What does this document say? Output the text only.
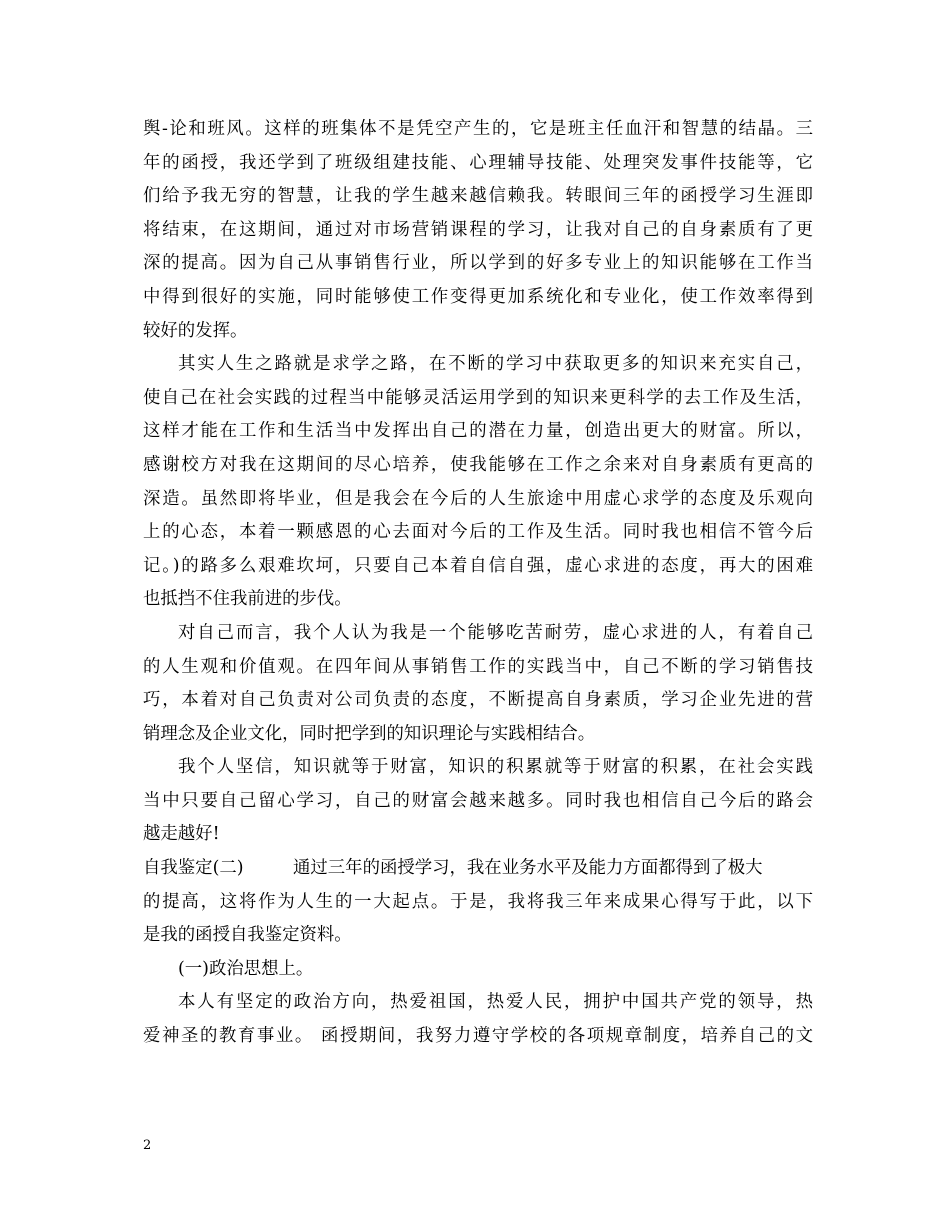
舆-论和班风。这样的班集体不是凭空产生的，它是班主任血汗和智慧的结晶。三
年的函授，我还学到了班级组建技能、心理辅导技能、处理突发事件技能等，它
们给予我无穷的智慧，让我的学生越来越信赖我。转眼间三年的函授学习生涯即
将结束，在这期间，通过对市场营销课程的学习，让我对自己的自身素质有了更
深的提高。因为自己从事销售行业，所以学到的好多专业上的知识能够在工作当
中得到很好的实施，同时能够使工作变得更加系统化和专业化，使工作效率得到
较好的发挥。
其实人生之路就是求学之路，在不断的学习中获取更多的知识来充实自己，
使自己在社会实践的过程当中能够灵活运用学到的知识来更科学的去工作及生活，
这样才能在工作和生活当中发挥出自己的潜在力量，创造出更大的财富。所以，
感谢校方对我在这期间的尽心培养，使我能够在工作之余来对自身素质有更高的
深造。虽然即将毕业，但是我会在今后的人生旅途中用虚心求学的态度及乐观向
上的心态，本着一颗感恩的心去面对今后的工作及生活。同时我也相信不管今后
记。)的路多么艰难坎坷，只要自己本着自信自强，虚心求进的态度，再大的困难
也抵挡不住我前进的步伐。
对自己而言，我个人认为我是一个能够吃苦耐劳，虚心求进的人，有着自己
的人生观和价值观。在四年间从事销售工作的实践当中，自己不断的学习销售技
巧，本着对自己负责对公司负责的态度，不断提高自身素质，学习企业先进的营
销理念及企业文化，同时把学到的知识理论与实践相结合。
我个人坚信，知识就等于财富，知识的积累就等于财富的积累，在社会实践
当中只要自己留心学习，自己的财富会越来越多。同时我也相信自己今后的路会
越走越好!
自我鉴定(二)	通过三年的函授学习，我在业务水平及能力方面都得到了极大
的提高，这将作为人生的一大起点。于是，我将我三年来成果心得写于此，以下
是我的函授自我鉴定资料。
(一)政治思想上。
本人有坚定的政治方向，热爱祖国，热爱人民，拥护中国共产党的领导，热
爱神圣的教育事业。 函授期间，我努力遵守学校的各项规章制度，培养自己的文
2
